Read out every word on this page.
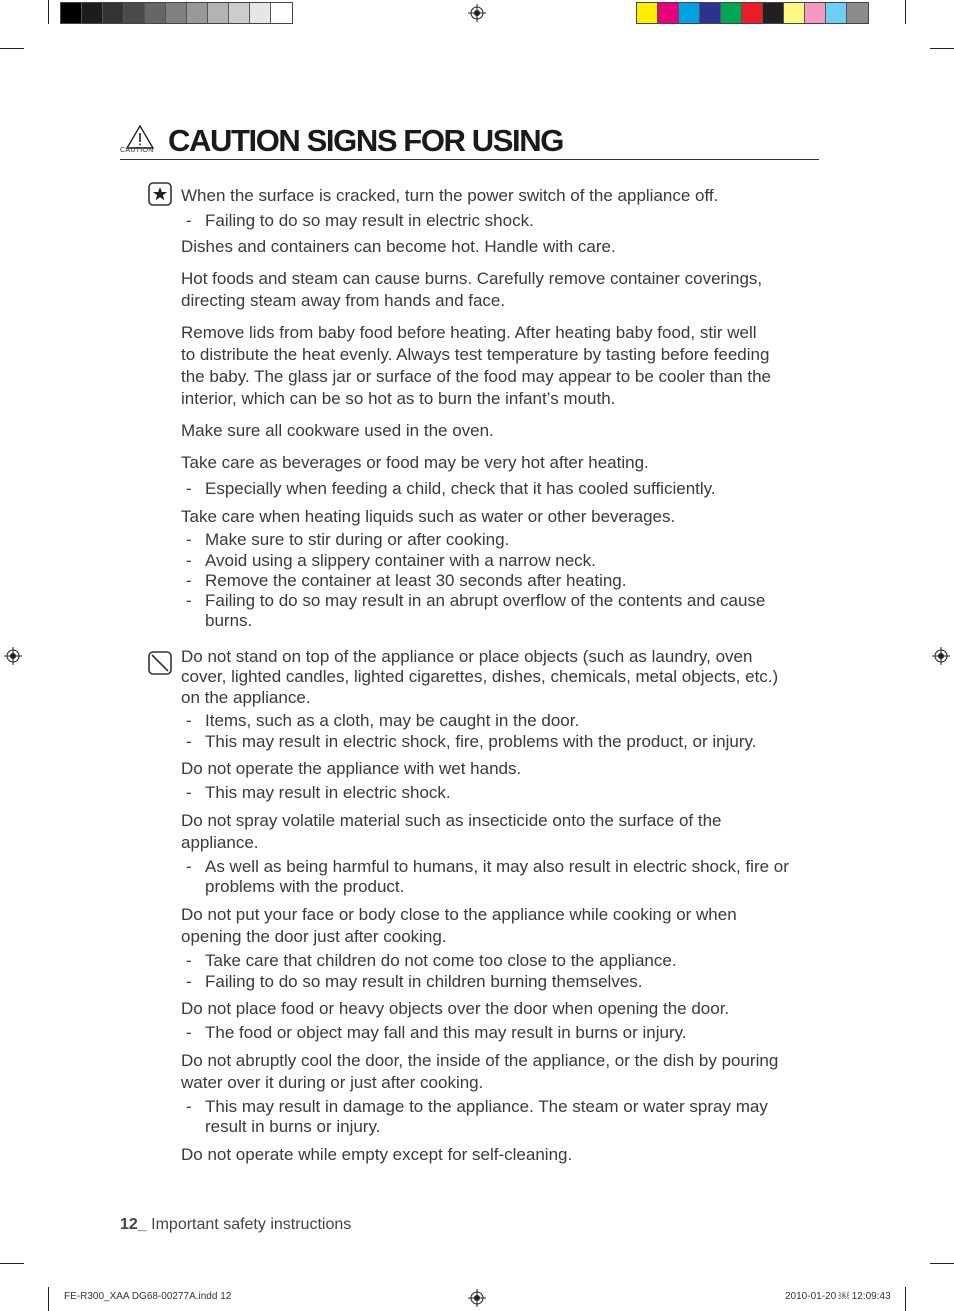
CAUTION CAUTION SIGNS FOR USING
When the surface is cracked, turn the power switch of the appliance off.
- Failing to do so may result in electric shock.
Dishes and containers can become hot. Handle with care.
Hot foods and steam can cause burns. Carefully remove container coverings,
directing steam away from hands and face.
Remove lids from baby food before heating. After heating baby food, stir well
to distribute the heat evenly. Always test temperature by tasting before feeding
the baby. The glass jar or surface of the food may appear to be cooler than the
interior, which can be so hot as to burn the infant’s mouth.
Make sure all cookware used in the oven.
Take care as beverages or food may be very hot after heating.
- Especially when feeding a child, check that it has cooled sufficiently.
Take care when heating liquids such as water or other beverages.
- Make sure to stir during or after cooking.
- Avoid using a slippery container with a narrow neck.
- Remove the container at least 30 seconds after heating.
- Failing to do so may result in an abrupt overflow of the contents and cause
burns.
Do not stand on top of the appliance or place objects (such as laundry, oven
cover, lighted candles, lighted cigarettes, dishes, chemicals, metal objects, etc.)
on the appliance.
- Items, such as a cloth, may be caught in the door.
- This may result in electric shock, fire, problems with the product, or injury.
Do not operate the appliance with wet hands.
- This may result in electric shock.
Do not spray volatile material such as insecticide onto the surface of the
appliance.
- As well as being harmful to humans, it may also result in electric shock, fire or
problems with the product.
Do not put your face or body close to the appliance while cooking or when
opening the door just after cooking.
- Take care that children do not come too close to the appliance.
- Failing to do so may result in children burning themselves.
Do not place food or heavy objects over the door when opening the door.
- The food or object may fall and this may result in burns or injury.
Do not abruptly cool the door, the inside of the appliance, or the dish by pouring
water over it during or just after cooking.
- This may result in damage to the appliance. The steam or water spray may
result in burns or injury.
Do not operate while empty except for self-cleaning.
12_ Important safety instructions
FE-R300_XAA DG68-00277A.indd 12	2010-01-20 ￼ 12:09:43
